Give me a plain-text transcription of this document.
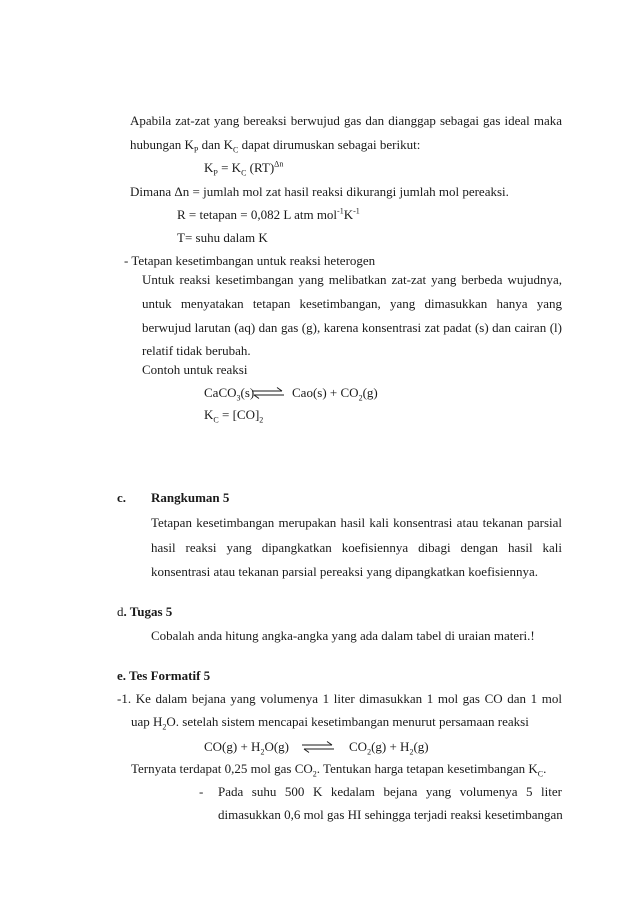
Apabila zat-zat yang bereaksi berwujud gas dan dianggap sebagai gas ideal maka
hubungan $K_P$ dan $K_C$ dapat dirumuskan sebagai berikut:
$K_P = K_C$ (RT)$^{\Delta n}$
Dimana Δn = jumlah mol zat hasil reaksi dikurangi jumlah mol pereaksi.
R = tetapan = 0,082 L atm $mol^{-1}K^{-1}$
T= suhu dalam K
- Tetapan kesetimbangan untuk reaksi heterogen
Untuk reaksi kesetimbangan yang melibatkan zat-zat yang berbeda wujudnya,
untuk menyatakan tetapan kesetimbangan, yang dimasukkan hanya yang
berwujud larutan (aq) dan gas (g), karena konsentrasi zat padat (s) dan cairan (l)
relatif tidak berubah.
Contoh untuk reaksi
CaCO$_3$(s) ⇌ $Cao(s) + CO_2(g)$
$K_C = [CO]_2$
c. Rangkuman 5
Tetapan kesetimbangan merupakan hasil kali konsentrasi atau tekanan parsial
hasil reaksi yang dipangkatkan koefisiennya dibagi dengan hasil kali
konsentrasi atau tekanan parsial pereaksi yang dipangkatkan koefisiennya.
d. Tugas 5
Cobalah anda hitung angka-angka yang ada dalam tabel di uraian materi.!
e. Tes Formatif 5
-1. Ke dalam bejana yang volumenya 1 liter dimasukkan 1 mol gas CO dan 1 mol
uap $H_2O$. setelah sistem mencapai kesetimbangan menurut persamaan reaksi
$CO(g) + H_2O(g)$ ⇌ $CO_2(g) + H_2(g)$
Ternyata terdapat 0,25 mol gas $CO_2$. Tentukan harga tetapan kesetimbangan $K_C$.
- Pada suhu 500 K kedalam bejana yang volumenya 5 liter
dimasukkan 0,6 mol gas HI sehingga terjadi reaksi kesetimbangan
